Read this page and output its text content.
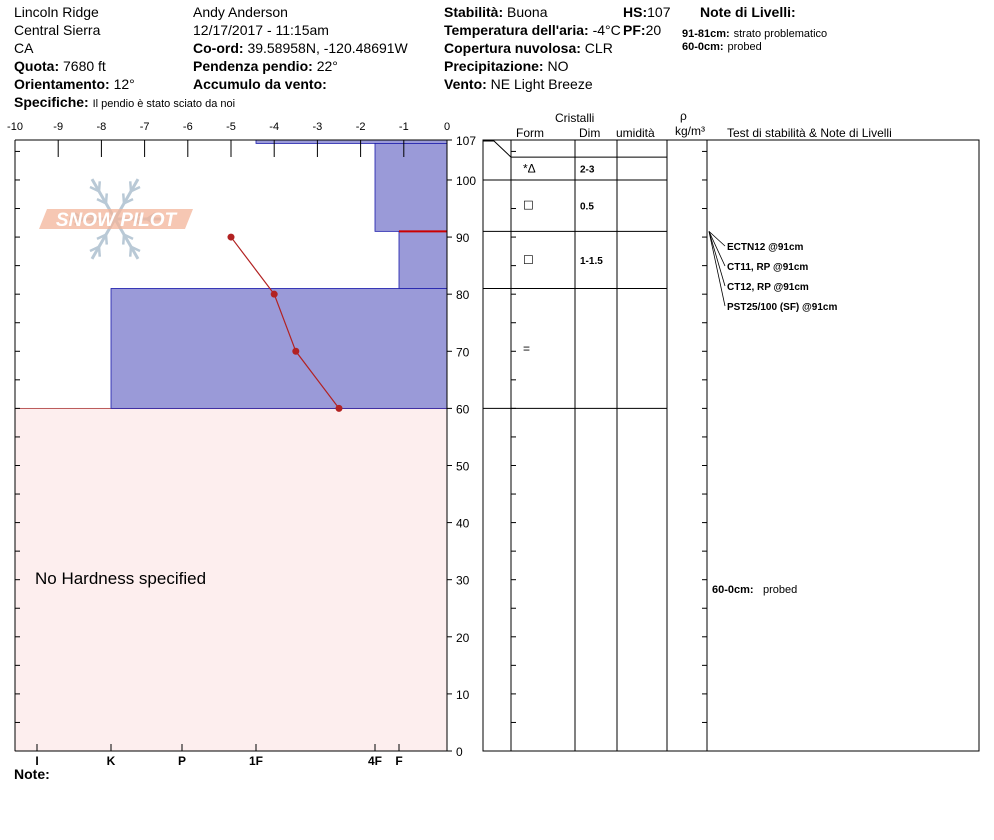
Lincoln Ridge
Central Sierra
CA
Quota: 7680 ft
Orientamento: 12°
Specifiche: Il pendio è stato sciato da noi
Andy Anderson
12/17/2017 - 11:15am
Co-ord: 39.58958N, -120.48691W
Pendenza pendio: 22°
Accumulo da vento:
Stabilità: Buona
Temperatura dell'aria: -4°C
Copertura nuvolosa: CLR
Precipitazione: NO
Vento: NE Light Breeze
HS:107
PF:20
Note di Livelli:
91-81cm: strato problematico
60-0cm: probed
Note:
Cristalli
Form	Dim umidità
ρ
kg/m³ Test di stabilità & Note di Livelli
SNOW PILOT
No Hardness specified
-10	-9	-8	-7	-6	-5	-4	-3	-2	-1	0
107
100
90
80
70
60
50
40
30
20
10
0
I	K	P	1F	4F F
*Δ	2-3
☐	0.5
☐	1-1.5
=
ECTN12 @91cm
CT11, RP @91cm
CT12, RP @91cm
PST25/100 (SF) @91cm
60-0cm: probed
